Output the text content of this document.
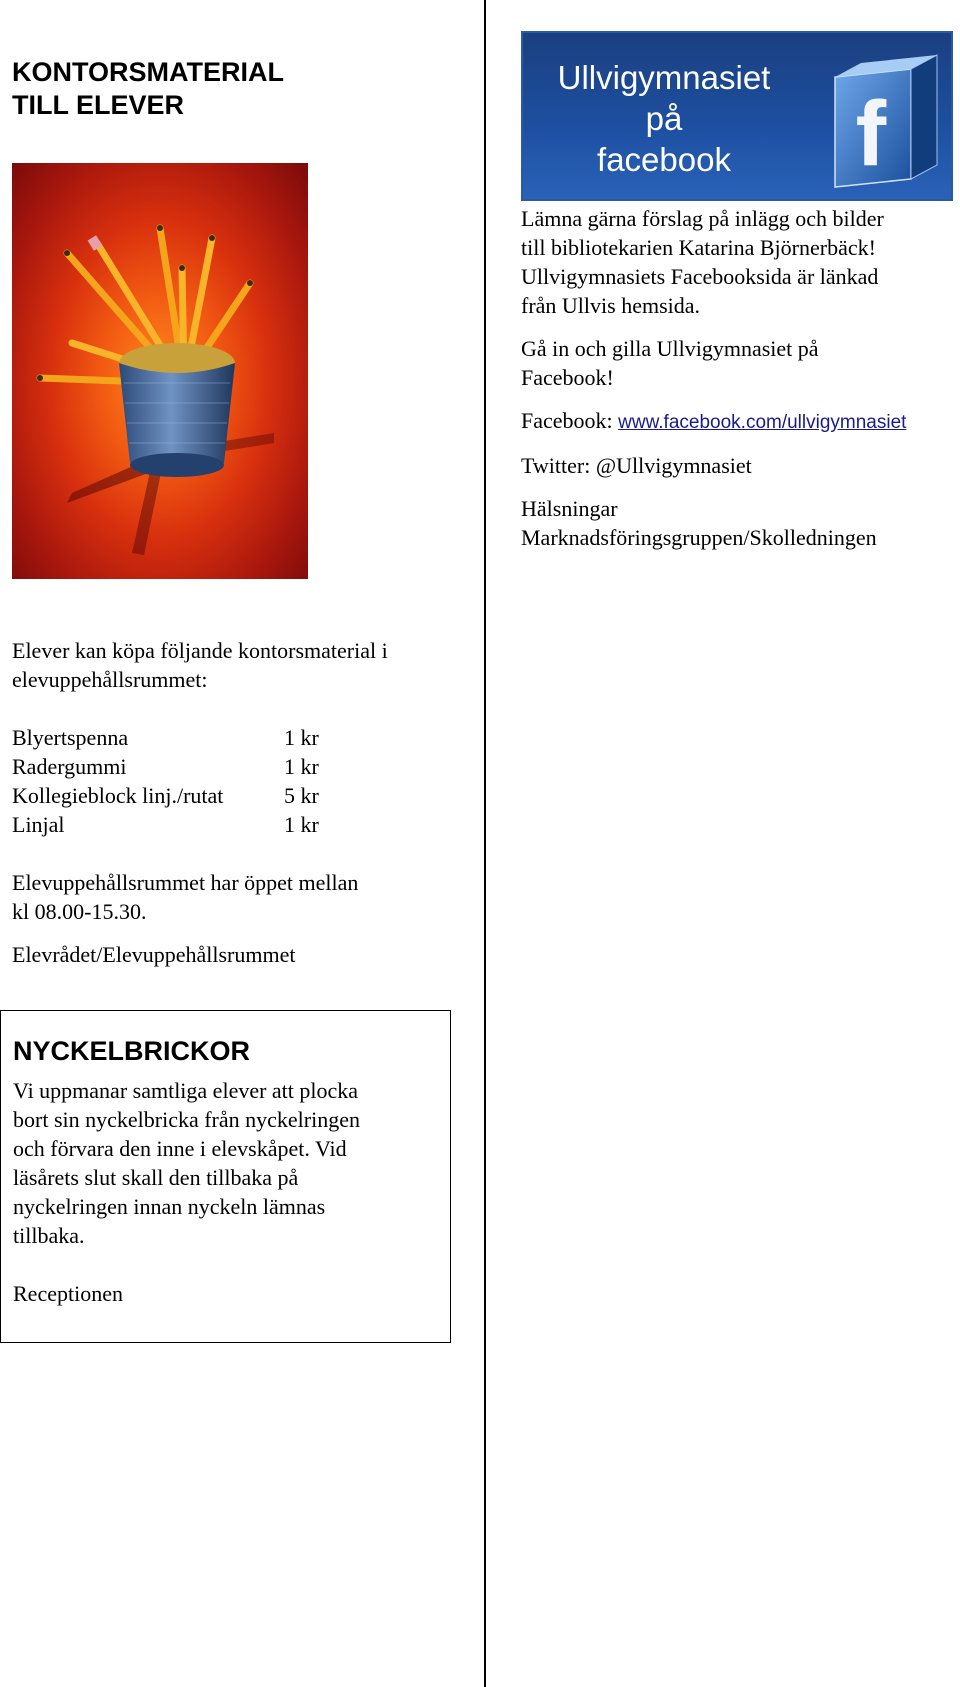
KONTORSMATERIAL
TILL ELEVER

Elever kan köpa följande kontorsmaterial i
elevuppehållsrummet:

Blyertspenna	1 kr
Radergummi	1 kr
Kollegieblock linj./rutat	5 kr
Linjal	1 kr

Elevuppehållsrummet har öppet mellan
kl 08.00-15.30.

Elevrådet/Elevuppehållsrummet

NYCKELBRICKOR

Vi uppmanar samtliga elever att plocka
bort sin nyckelbricka från nyckelringen
och förvara den inne i elevskåpet. Vid
läsårets slut skall den tillbaka på
nyckelringen innan nyckeln lämnas
tillbaka.

Receptionen

Ullvigymnasiet
på
facebook	f

Lämna gärna förslag på inlägg och bilder
till bibliotekarien Katarina Björnerbäck!
Ullvigymnasiets Facebooksida är länkad
från Ullvis hemsida.

Gå in och gilla Ullvigymnasiet på
Facebook!

Facebook: www.facebook.com/ullvigymnasiet

Twitter: @Ullvigymnasiet

Hälsningar
Marknadsföringsgruppen/Skolledningen
